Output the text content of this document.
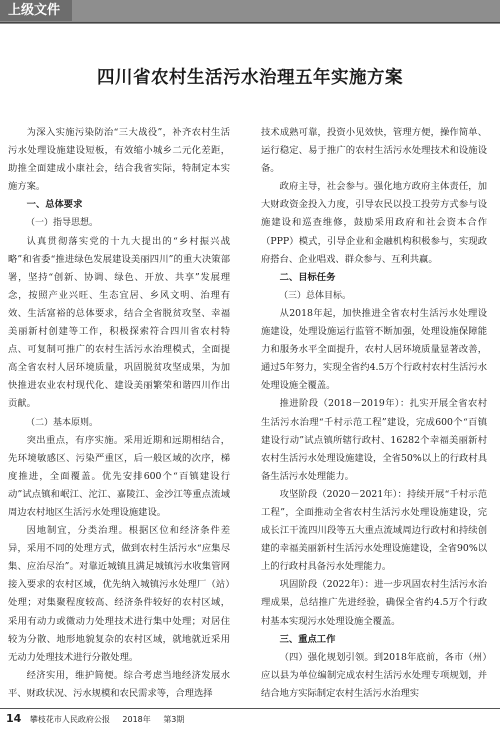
上级文件
四川省农村生活污水治理五年实施方案

为深入实施污染防治“三大战役”，补齐农村生活污水处理设施建设短板，有效缩小城乡二元化差距，助推全面建成小康社会，结合我省实际，特制定本实施方案。

一、总体要求

（一）指导思想。

认真贯彻落实党的十九大提出的“乡村振兴战略”和省委“推进绿色发展建设美丽四川”的重大决策部署，坚持“创新、协调、绿色、开放、共享”发展理念，按照产业兴旺、生态宜居、乡风文明、治理有效、生活富裕的总体要求，结合全省脱贫攻坚、幸福美丽新村创建等工作，积极探索符合四川省农村特点、可复制可推广的农村生活污水治理模式，全面提高全省农村人居环境质量，巩固脱贫攻坚成果，为加快推进农业农村现代化、建设美丽繁荣和谐四川作出贡献。

（二）基本原则。

突出重点，有序实施。采用近期和远期相结合，先环境敏感区、污染严重区，后一般区域的次序，梯度推进，全面覆盖。优先安排600个“百镇建设行动”试点镇和岷江、沱江、嘉陵江、金沙江等重点流域周边农村地区生活污水处理设施建设。

因地制宜，分类治理。根据区位和经济条件差异，采用不同的处理方式，做到农村生活污水“应集尽集、应治尽治”。对靠近城镇且满足城镇污水收集管网接入要求的农村区域，优先纳入城镇污水处理厂（站）处理；对集聚程度较高、经济条件较好的农村区域，采用有动力或微动力处理技术进行集中处理；对居住较为分散、地形地貌复杂的农村区域，就地就近采用无动力处理技术进行分散处理。

经济实用，维护简便。综合考虑当地经济发展水平、财政状况、污水规模和农民需求等，合理选择

技术成熟可靠，投资小见效快，管理方便，操作简单、运行稳定、易于推广的农村生活污水处理技术和设施设备。

政府主导，社会参与。强化地方政府主体责任，加大财政资金投入力度，引导农民以投工投劳方式参与设施建设和巡查维修，鼓励采用政府和社会资本合作（PPP）模式，引导企业和金融机构积极参与，实现政府搭台、企业唱戏、群众参与、互利共赢。

二、目标任务

（三）总体目标。

从2018年起，加快推进全省农村生活污水处理设施建设，处理设施运行监管不断加强，处理设施保障能力和服务水平全面提升，农村人居环境质量显著改善，通过5年努力，实现全省约4.5万个行政村农村生活污水处理设施全覆盖。

推进阶段（2018－2019年）：扎实开展全省农村生活污水治理“千村示范工程”建设，完成600个“百镇建设行动”试点镇所辖行政村、16282个幸福美丽新村农村生活污水处理设施建设，全省50%以上的行政村具备生活污水处理能力。

攻坚阶段（2020－2021年）：持续开展“千村示范工程”，全面推动全省农村生活污水处理设施建设，完成长江干流四川段等五大重点流域周边行政村和持续创建的幸福美丽新村生活污水处理设施建设，全省90%以上的行政村具备污水处理能力。

巩固阶段（2022年）：进一步巩固农村生活污水治理成果，总结推广先进经验，确保全省约4.5万个行政村基本实现污水处理设施全覆盖。

三、重点工作

（四）强化规划引领。到2018年底前，各市（州）应以县为单位编制完成农村生活污水处理专项规划，并结合地方实际制定农村生活污水治理实

14 攀枝花市人民政府公报 2018年 第3期
